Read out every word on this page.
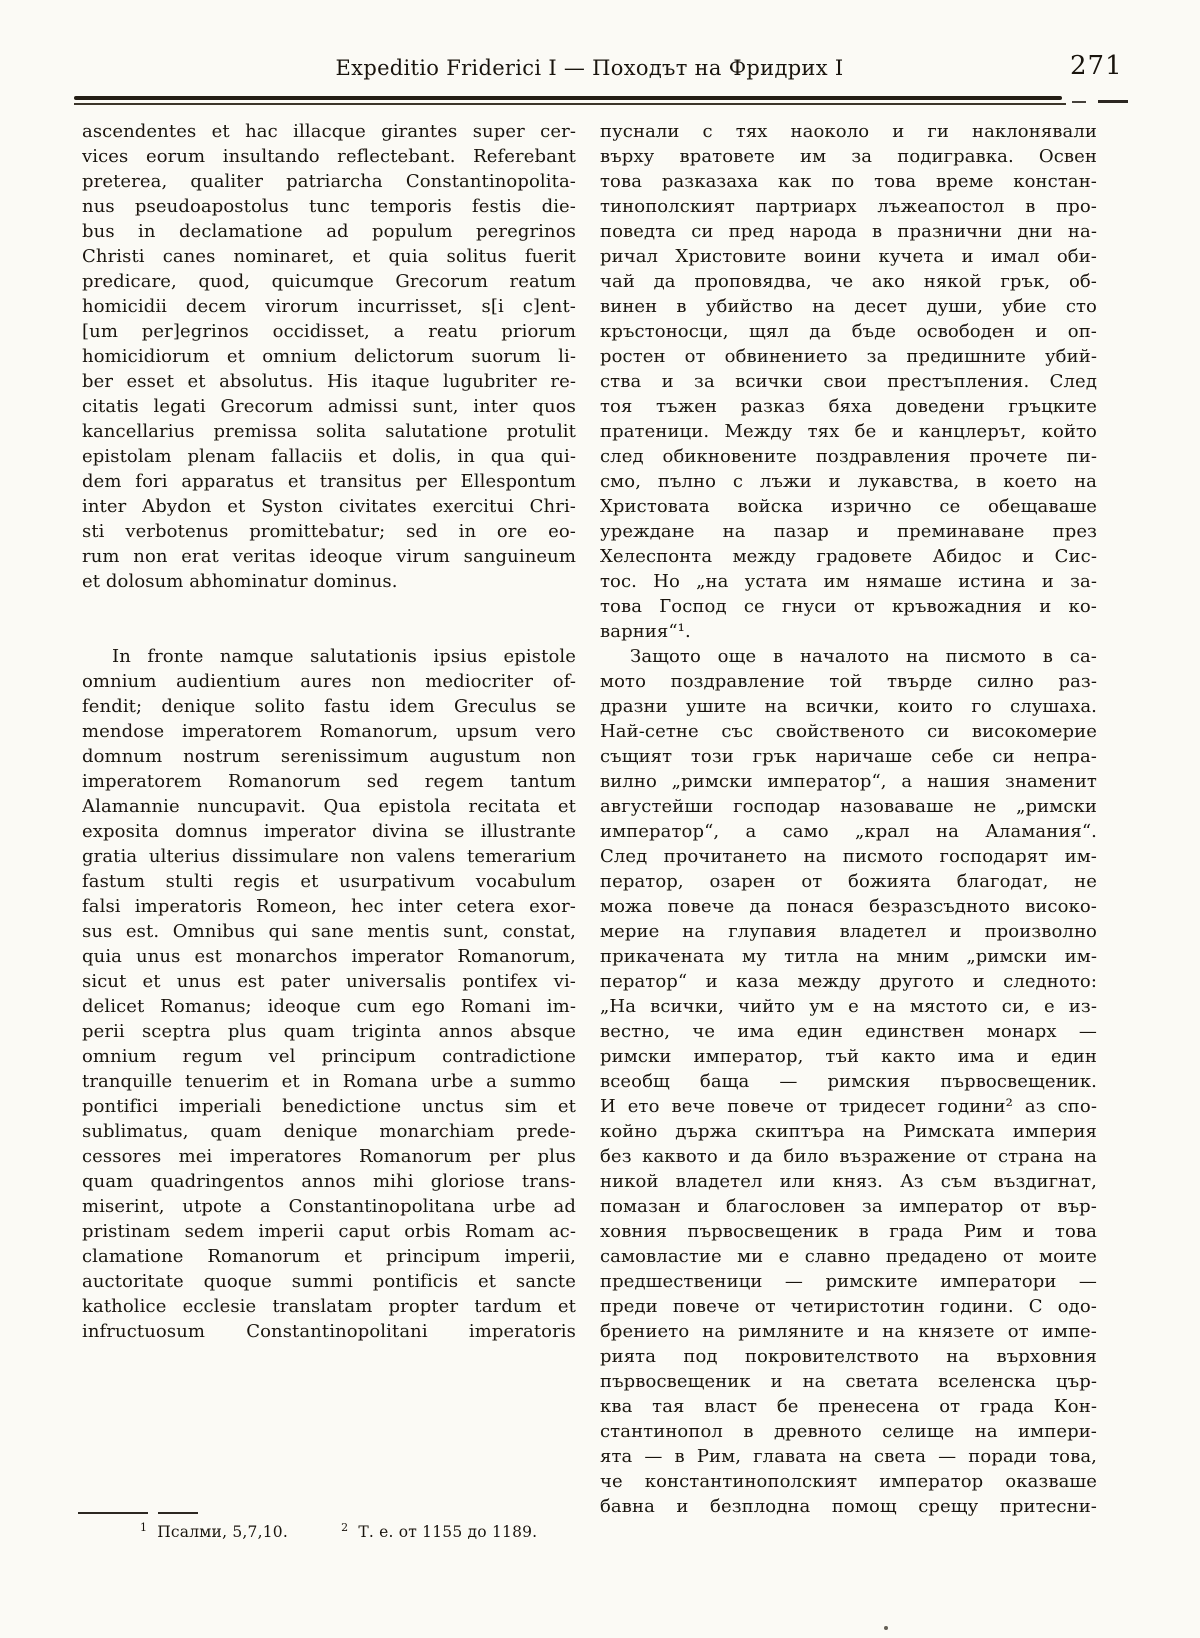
Expeditio Friderici I — Походът на Фридрих I	271
ascendentes et hac illacque girantes super cer-
vices eorum insultando reflectebant. Referebant
preterea, qualiter patriarcha Constantinopolita-
nus pseudoapostolus tunc temporis festis die-
bus in declamatione ad populum peregrinos
Christi canes nominaret, et quia solitus fuerit
predicare, quod, quicumque Grecorum reatum
homicidii decem virorum incurrisset, s[i c]ent-
[um per]egrinos occidisset, a reatu priorum
homicidiorum et omnium delictorum suorum li-
ber esset et absolutus. His itaque lugubriter re-
citatis legati Grecorum admissi sunt, inter quos
kancellarius premissa solita salutatione protulit
epistolam plenam fallaciis et dolis, in qua qui-
dem fori apparatus et transitus per Ellespontum
inter Abydon et Syston civitates exercitui Chri-
sti verbotenus promittebatur; sed in ore eo-
rum non erat veritas ideoque virum sanguineum
et dolosum abhominatur dominus.
In fronte namque salutationis ipsius epistole
omnium audientium aures non mediocriter of-
fendit; denique solito fastu idem Greculus se
mendose imperatorem Romanorum, upsum vero
domnum nostrum serenissimum augustum non
imperatorem Romanorum sed regem tantum
Alamannie nuncupavit. Qua epistola recitata et
exposita domnus imperator divina se illustrante
gratia ulterius dissimulare non valens temerarium
fastum stulti regis et usurpativum vocabulum
falsi imperatoris Romeon, hec inter cetera exor-
sus est. Omnibus qui sane mentis sunt, constat,
quia unus est monarchos imperator Romanorum,
sicut et unus est pater universalis pontifex vi-
delicet Romanus; ideoque cum ego Romani im-
perii sceptra plus quam triginta annos absque
omnium regum vel principum contradictione
tranquille tenuerim et in Romana urbe a summo
pontifici imperiali benedictione unctus sim et
sublimatus, quam denique monarchiam prede-
cessores mei imperatores Romanorum per plus
quam quadringentos annos mihi gloriose trans-
miserint, utpote a Constantinopolitana urbe ad
pristinam sedem imperii caput orbis Romam ac-
clamatione Romanorum et principum imperii,
auctoritate quoque summi pontificis et sancte
katholice ecclesie translatam propter tardum et
infructuosum Constantinopolitani imperatoris
пуснали с тях наоколо и ги наклонявали
върху вратовете им за подигравка. Освен
това разказаха как по това време констан-
тинополският партриарх лъжеапостол в про-
поведта си пред народа в празнични дни на-
ричал Христовите воини кучета и имал оби-
чай да проповядва, че ако някой грък, об-
винен в убийство на десет души, убие сто
кръстоносци, щял да бъде освободен и оп-
ростен от обвинението за предишните убий-
ства и за всички свои престъпления. След
тоя тъжен разказ бяха доведени гръцките
пратеници. Между тях бе и канцлерът, който
след обикновените поздравления прочете пи-
смо, пълно с лъжи и лукавства, в което на
Христовата войска изрично се обещаваше
уреждане на пазар и преминаване през
Хелеспонта между градовете Абидос и Сис-
тос. Но „на устата им нямаше истина и за-
това Господ се гнуси от кръвожадния и ко-
варния“¹.
Защото още в началото на писмото в са-
мото поздравление той твърде силно раз-
дразни ушите на всички, които го слушаха.
Най-сетне със свойственото си високомерие
същият този грък наричаше себе си непра-
вилно „римски император“, а нашия знаменит
августейши господар назоваваше не „римски
император“, а само „крал на Аламания“.
След прочитането на писмото господарят им-
ператор, озарен от божията благодат, не
можа повече да понася безразсъдното високо-
мерие на глупавия владетел и произволно
прикачената му титла на мним „римски им-
ператор“ и каза между другото и следното:
„На всички, чийто ум е на мястото си, е из-
вестно, че има един единствен монарх —
римски император, тъй както има и един
всеобщ баща — римския първосвещеник.
И ето вече повече от тридесет години² аз спо-
койно държа скиптъра на Римската империя
без каквото и да било възражение от страна на
никой владетел или княз. Аз съм въздигнат,
помазан и благословен за император от вър-
ховния първосвещеник в града Рим и това
самовластие ми е славно предадено от моите
предшественици — римските императори —
преди повече от четиристотин години. С одо-
брението на римляните и на князете от импе-
рията под покровителството на върховния
първосвещеник и на светата вселенска цър-
ква тая власт бе пренесена от града Кон-
стантинопол в древното селище на импери-
ята — в Рим, главата на света — поради това,
че константинополският император оказваше
бавна и безплодна помощ срещу притесни-
$^1$ Псалми, 5,7,10.	$^2$ Т. е. от 1155 до 1189.
